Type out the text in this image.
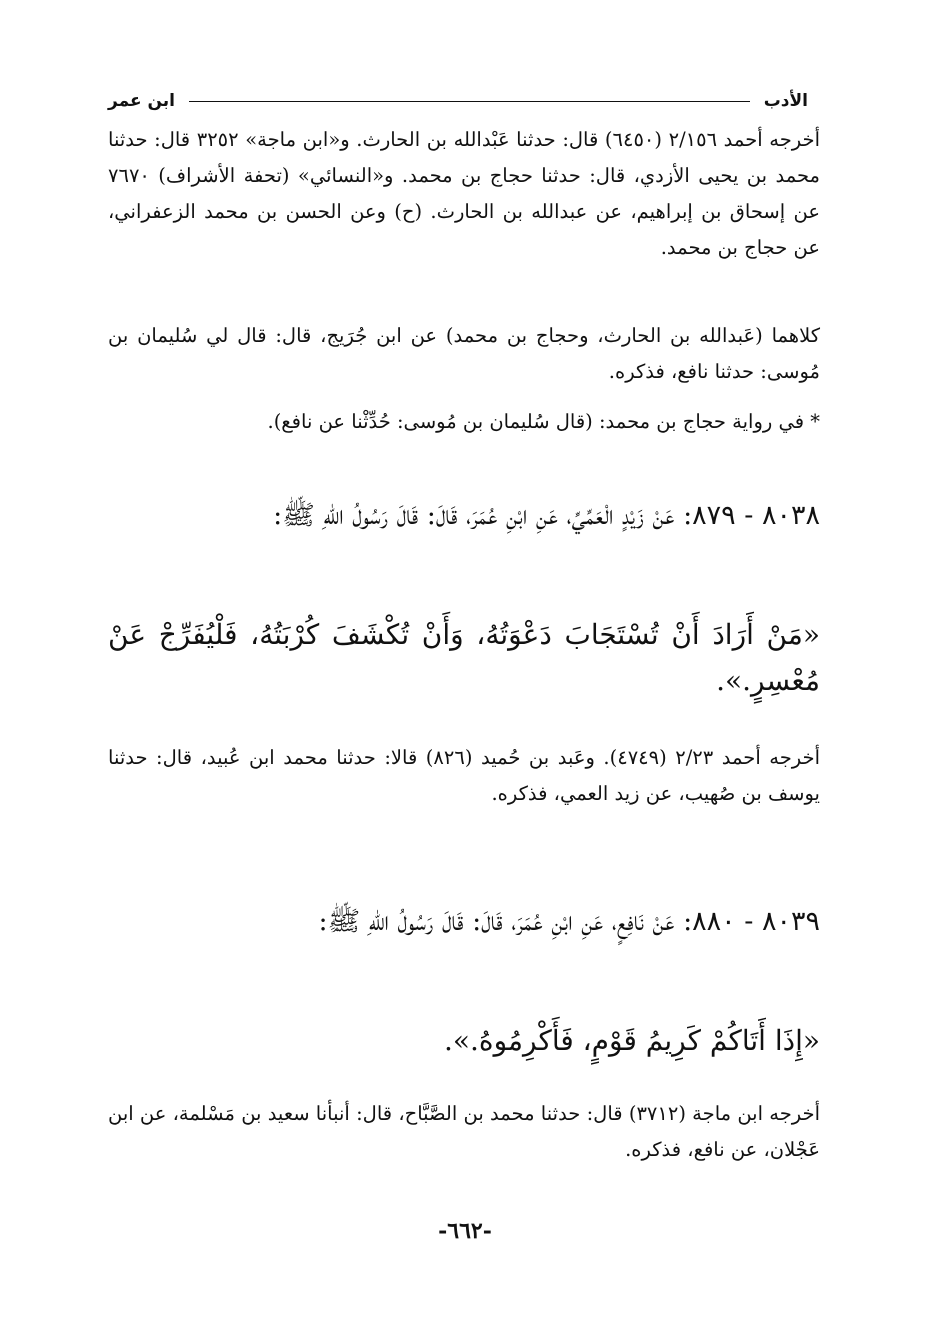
الأدب
ابن عمر

أخرجه أحمد ٢/١٥٦ (٦٤٥٠) قال: حدثنا عَبْدالله بن الحارث. و«ابن ماجة» ٣٢٥٢ قال: حدثنا محمد بن يحيى الأزدي، قال: حدثنا حجاج بن محمد. و«النسائي» (تحفة الأشراف) ٧٦٧٠ عن إسحاق بن إبراهيم، عن عبدالله بن الحارث. (ح) وعن الحسن بن محمد الزعفراني، عن حجاج بن محمد.

كلاهما (عَبدالله بن الحارث، وحجاج بن محمد) عن ابن جُرَيج، قال: قال لي سُليمان بن مُوسى: حدثنا نافع، فذكره.

* في رواية حجاج بن محمد: (قال سُليمان بن مُوسى: حُدِّثْنا عن نافع).

٨٠٣٨ - ٨٧٩: عَنْ زَيْدٍ الْعَمِّيِّ، عَنِ ابْنِ عُمَرَ، قَالَ: قَالَ رَسُولُ اللهِ ﷺ:

«مَنْ أَرَادَ أَنْ تُسْتَجَابَ دَعْوَتُهُ، وَأَنْ تُكْشَفَ كُرْبَتُهُ، فَلْيُفَرِّجْ عَنْ مُعْسِرٍ.».

أخرجه أحمد ٢/٢٣ (٤٧٤٩). وعَبد بن حُميد (٨٢٦) قالا: حدثنا محمد ابن عُبيد، قال: حدثنا يوسف بن صُهيب، عن زيد العمي، فذكره.

٨٠٣٩ - ٨٨٠: عَنْ نَافِعٍ، عَنِ ابْنِ عُمَرَ، قَالَ: قَالَ رَسُولُ اللهِ ﷺ:

«إِذَا أَتَاكُمْ كَرِيمُ قَوْمٍ، فَأَكْرِمُوهُ.».

أخرجه ابن ماجة (٣٧١٢) قال: حدثنا محمد بن الصَّبَّاح، قال: أنبأنا سعيد بن مَسْلمة، عن ابن عَجْلان، عن نافع، فذكره.

-٦٦٢-
